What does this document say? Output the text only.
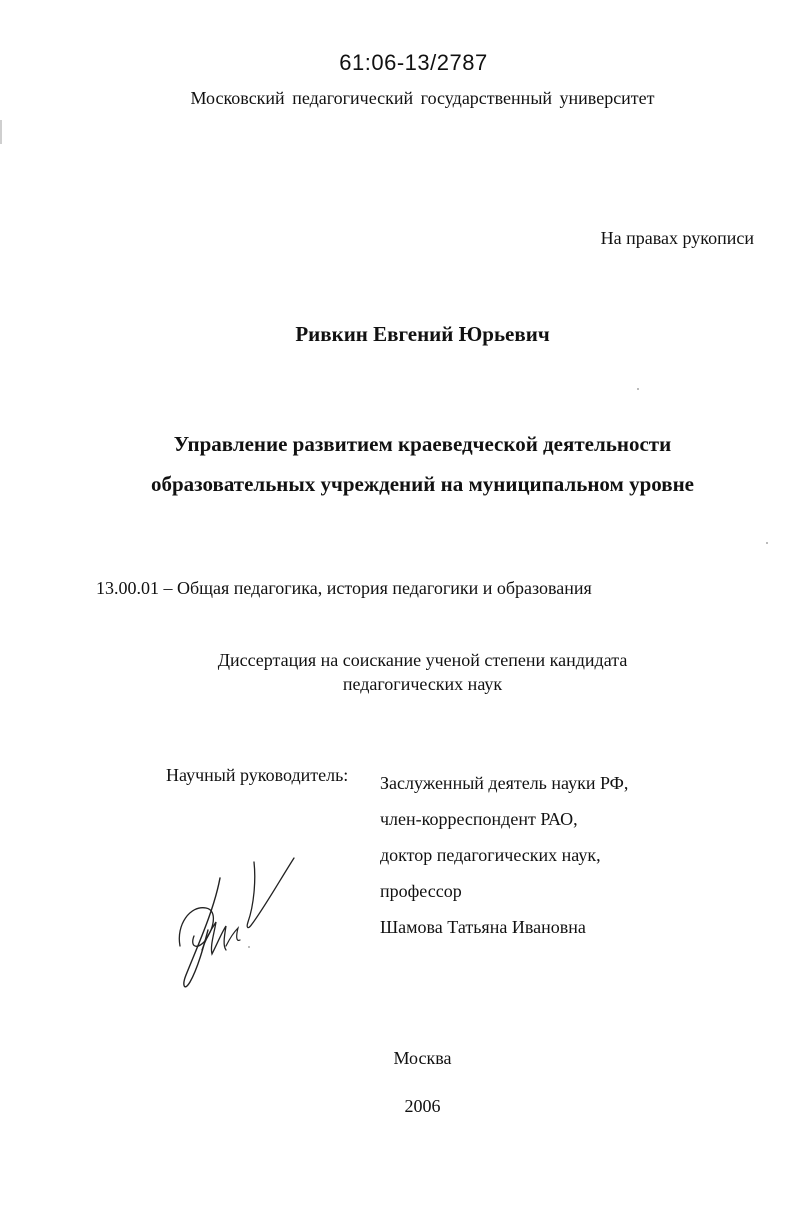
61:06-13/2787
Московский педагогический государственный университет
На правах рукописи
Ривкин Евгений Юрьевич
Управление развитием краеведческой деятельности
образовательных учреждений на муниципальном уровне
13.00.01 – Общая педагогика, история педагогики и образования
Диссертация на соискание ученой степени кандидата
педагогических наук
Научный руководитель: Заслуженный деятель науки РФ,
член-корреспондент РАО,
доктор педагогических наук,
профессор
Шамова Татьяна Ивановна
Москва
2006
